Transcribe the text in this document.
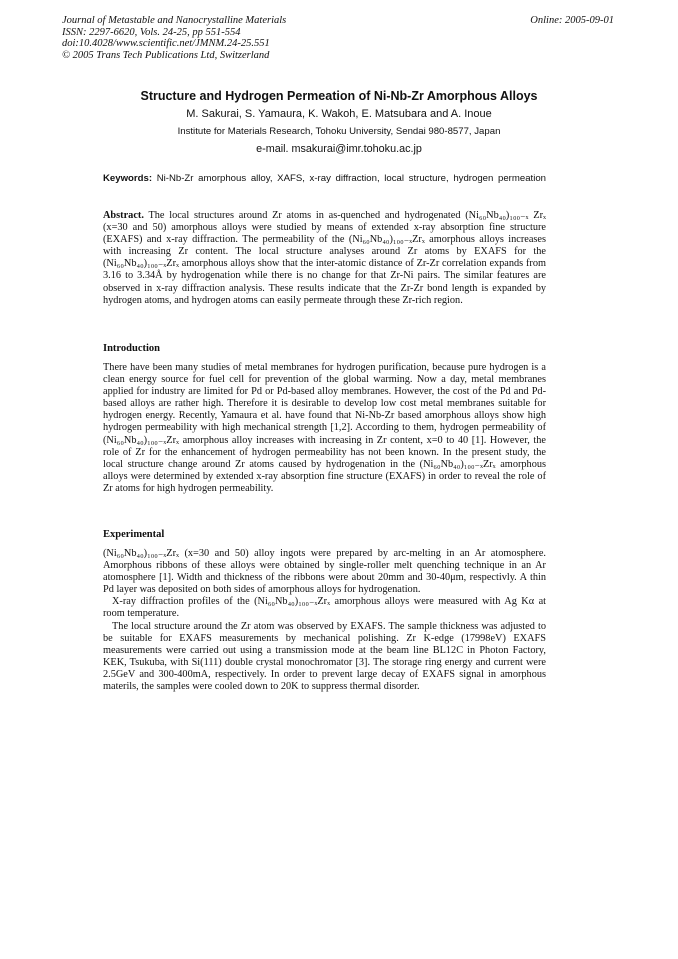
Journal of Metastable and Nanocrystalline Materials
ISSN: 2297-6620, Vols. 24-25, pp 551-554
doi:10.4028/www.scientific.net/JMNM.24-25.551
© 2005 Trans Tech Publications Ltd, Switzerland
Online: 2005-09-01
Structure and Hydrogen Permeation of Ni-Nb-Zr Amorphous Alloys
M. Sakurai, S. Yamaura, K. Wakoh, E. Matsubara and A. Inoue
Institute for Materials Research, Tohoku University, Sendai 980-8577, Japan
e-mail. msakurai@imr.tohoku.ac.jp
Keywords: Ni-Nb-Zr amorphous alloy, XAFS, x-ray diffraction, local structure, hydrogen permeation
Abstract. The local structures around Zr atoms in as-quenched and hydrogenated (Ni₆₀Nb₄₀)₁₀₀₋ₓ Zrₓ (x=30 and 50) amorphous alloys were studied by means of extended x-ray absorption fine structure (EXAFS) and x-ray diffraction. The permeability of the (Ni₆₀Nb₄₀)₁₀₀₋ₓZrₓ amorphous alloys increases with increasing Zr content. The local structure analyses around Zr atoms by EXAFS for the (Ni₆₀Nb₄₀)₁₀₀₋ₓZrₓ amorphous alloys show that the inter-atomic distance of Zr-Zr correlation expands from 3.16 to 3.34Å by hydrogenation while there is no change for that Zr-Ni pairs. The similar features are observed in x-ray diffraction analysis. These results indicate that the Zr-Zr bond length is expanded by hydrogen atoms, and hydrogen atoms can easily permeate through these Zr-rich region.
Introduction

There have been many studies of metal membranes for hydrogen purification, because pure hydrogen is a clean energy source for fuel cell for prevention of the global warming. Now a day, metal membranes applied for industry are limited for Pd or Pd-based alloy membranes. However, the cost of the Pd and Pd-based alloys are rather high. Therefore it is desirable to develop low cost metal membranes suitable for hydrogen energy. Recently, Yamaura et al. have found that Ni-Nb-Zr based amorphous alloys show high hydrogen permeability with high mechanical strength [1,2]. According to them, hydrogen permeability of (Ni₆₀Nb₄₀)₁₀₀₋ₓZrₓ amorphous alloy increases with increasing in Zr content, x=0 to 40 [1]. However, the role of Zr for the enhancement of hydrogen permeability has not been known. In the present study, the local structure change around Zr atoms caused by hydrogenation in the (Ni₆₀Nb₄₀)₁₀₀₋ₓZrₓ amorphous alloys were determined by extended x-ray absorption fine structure (EXAFS) in order to reveal the role of Zr atoms for high hydrogen permeability.

Experimental

(Ni₆₀Nb₄₀)₁₀₀₋ₓZrₓ (x=30 and 50) alloy ingots were prepared by arc-melting in an Ar atomosphere. Amorphous ribbons of these alloys were obtained by single-roller melt quenching technique in an Ar atomosphere [1]. Width and thickness of the ribbons were about 20mm and 30-40μm, respectivly. A thin Pd layer was deposited on both sides of amorphous alloys for hydrogenation.

X-ray diffraction profiles of the (Ni₆₀Nb₄₀)₁₀₀₋ₓZrₓ amorphous alloys were measured with Ag Kα at room temperature.

The local structure around the Zr atom was observed by EXAFS. The sample thickness was adjusted to be suitable for EXAFS measurements by mechanical polishing. Zr K-edge (17998eV) EXAFS measurements were carried out using a transmission mode at the beam line BL12C in Photon Factory, KEK, Tsukuba, with Si(111) double crystal monochromator [3]. The storage ring energy and current were 2.5GeV and 300-400mA, respectively. In order to prevent large decay of EXAFS signal in amorphous materils, the samples were cooled down to 20K to suppress thermal disorder.
